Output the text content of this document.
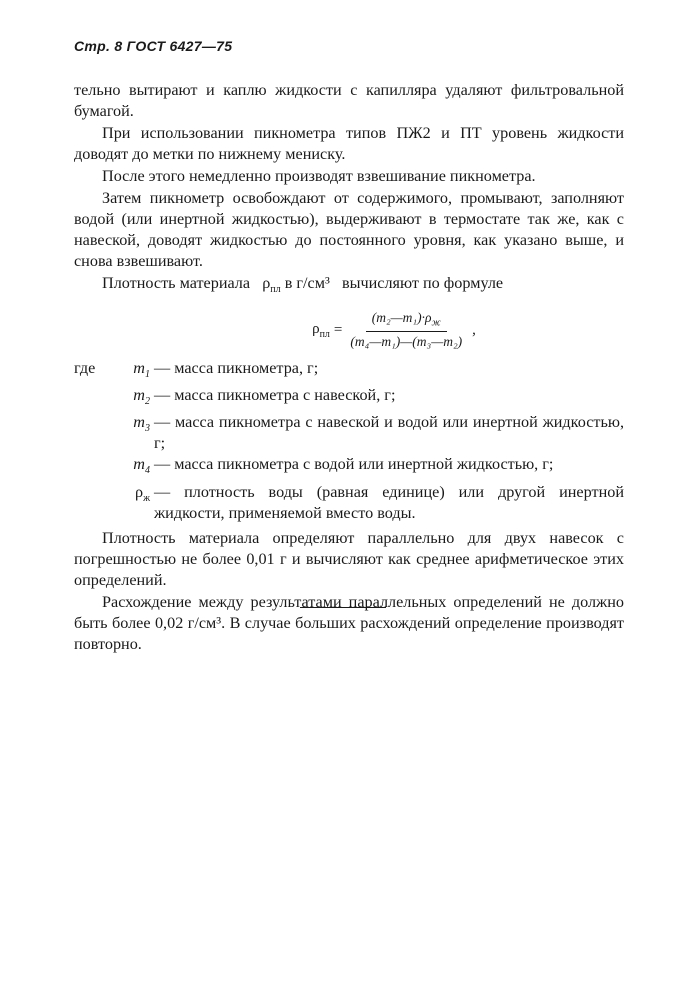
Стр. 8 ГОСТ 6427—75

тельно вытирают и каплю жидкости с капилляра удаляют фильтровальной бумагой.

При использовании пикнометра типов ПЖ2 и ПТ уровень жидкости доводят до метки по нижнему мениску.

После этого немедленно производят взвешивание пикнометра.

Затем пикнометр освобождают от содержимого, промывают, заполняют водой (или инертной жидкостью), выдерживают в термостате так же, как с навеской, доводят жидкостью до постоянного уровня, как указано выше, и снова взвешивают.

Плотность материала $\rho_{пл}$ в г/см³ вычисляют по формуле

$\rho_{пл} = \frac{(m_2—m_1)\cdot\rho_ж}{\text{(m₄—m₁)—(m₃—m₂)}}$ ,
где $m_1$ — масса пикнометра, г;
$m_2$ — масса пикнометра с навеской, г;
$m_3$ — масса пикнометра с навеской и водой или инертной жидкостью, г;
$m_4$ — масса пикнометра с водой или инертной жидкостью, г;
$\rho_ж$ — плотность воды (равная единице) или другой инертной жидкости, применяемой вместо воды.

Плотность материала определяют параллельно для двух навесок с погрешностью не более 0,01 г и вычисляют как среднее арифметическое этих определений.

Расхождение между результатами параллельных определений не должно быть более 0,02 г/см³. В случае больших расхождений определение производят повторно.
